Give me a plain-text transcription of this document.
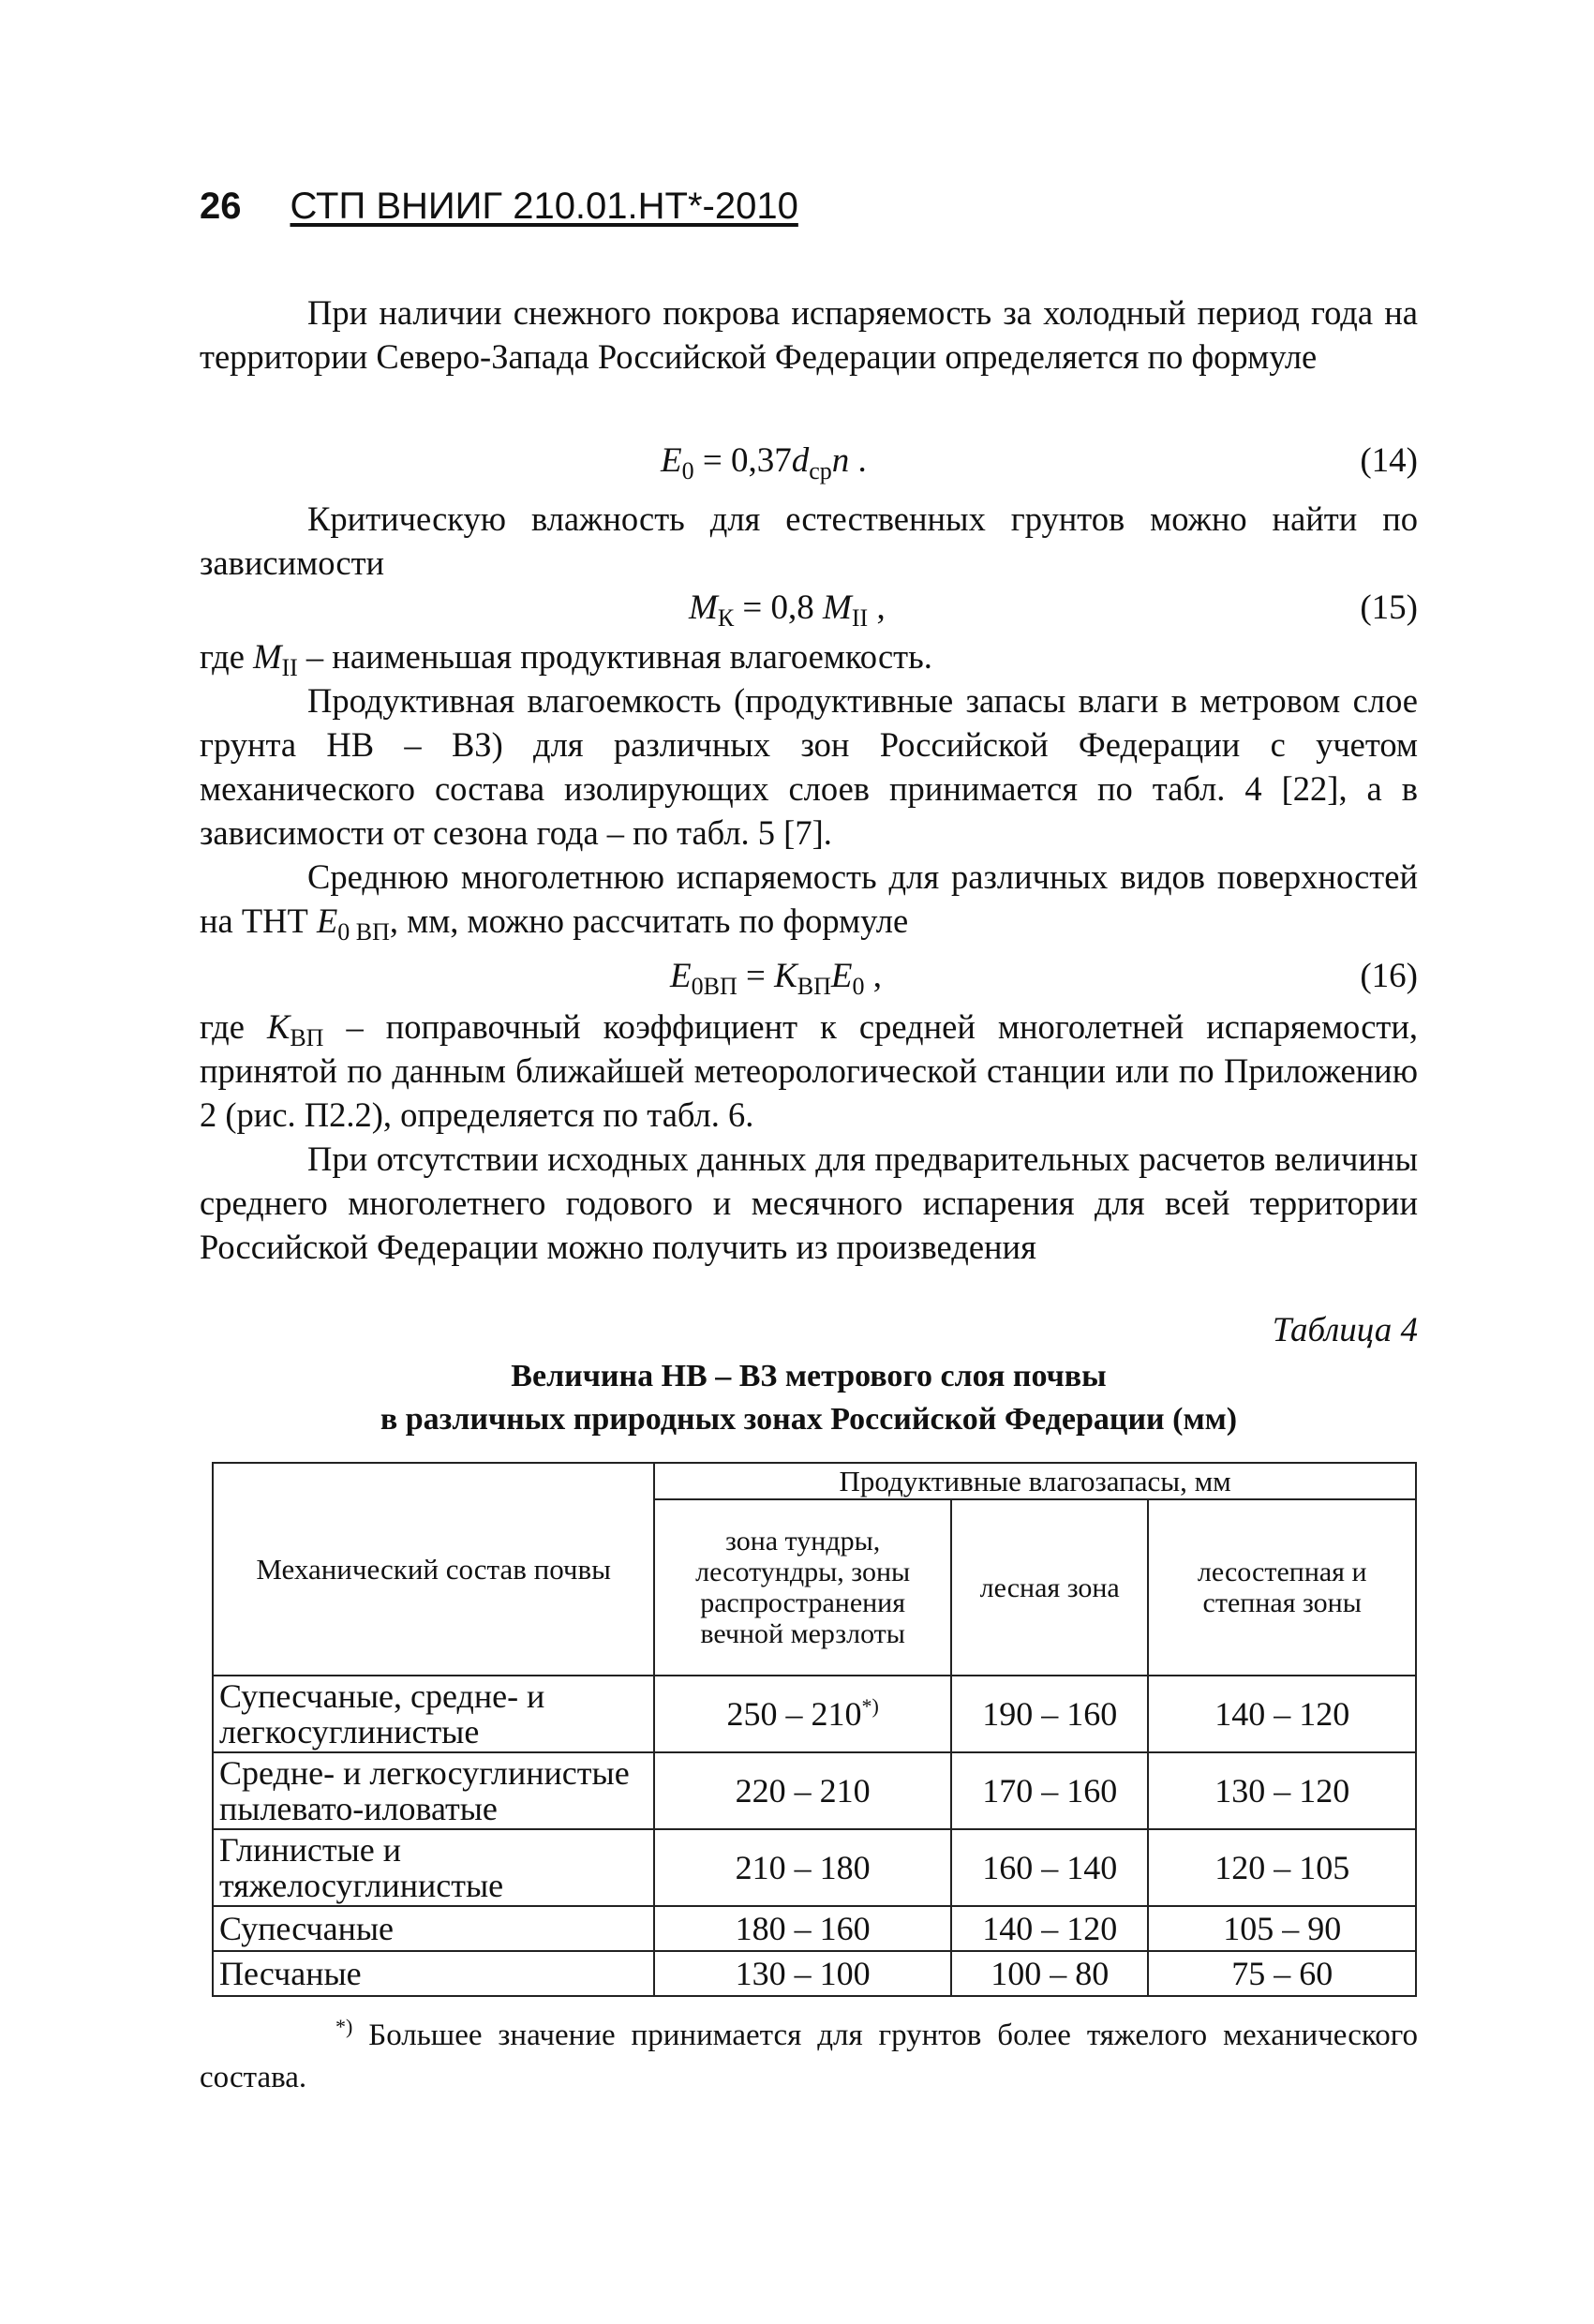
26 СТП ВНИИГ 210.01.НТ*-2010

При наличии снежного покрова испаряемость за холодный период года на территории Северо-Запада Российской Федерации определяется по формуле

$E_0 = 0,37d_{ср}n$ .	(14)

Критическую влажность для естественных грунтов можно найти по зависимости

$M_К = 0,8$ $M_{II}$ ,	(15)

где $M_{II}$ – наименьшая продуктивная влагоемкость.

Продуктивная влагоемкость (продуктивные запасы влаги в метровом слое грунта НВ – ВЗ) для различных зон Российской Федерации с учетом механического состава изолирующих слоев принимается по табл. 4 [22], а в зависимости от сезона года – по табл. 5 [7].

Среднюю многолетнюю испаряемость для различных видов поверхностей на ТНТ $E_{0 ВП}$, мм, можно рассчитать по формуле

$E_{0ВП} = K_{ВП}E_0$ ,	(16)

где $K_{ВП}$ – поправочный коэффициент к средней многолетней испаряемости, принятой по данным ближайшей метеорологической станции или по Приложению 2 (рис. П2.2), определяется по табл. 6.

При отсутствии исходных данных для предварительных расчетов величины среднего многолетнего годового и месячного испарения для всей территории Российской Федерации можно получить из произведения

Таблица 4
Величина НВ – ВЗ метрового слоя почвы
в различных природных зонах Российской Федерации (мм)
Механический состав почвы	Продуктивные влагозапасы, мм		
	зона тундры, лесотундры, зоны распространения вечной мерзлоты	лесная зона	лесостепная и степная зоны
Супесчаные, средне- и легкосуглинистые	250 – 210*)	190 – 160	140 – 120
Средне- и легкосуглинистые пылевато-иловатые	220 – 210	170 – 160	130 – 120
Глинистые и тяжелосуглинистые	210 – 180	160 – 140	120 – 105
Супесчаные	180 – 160	140 – 120	105 – 90
Песчаные	130 – 100	100 – 80	75 – 60
*) Большее значение принимается для грунтов более тяжелого механического состава.
